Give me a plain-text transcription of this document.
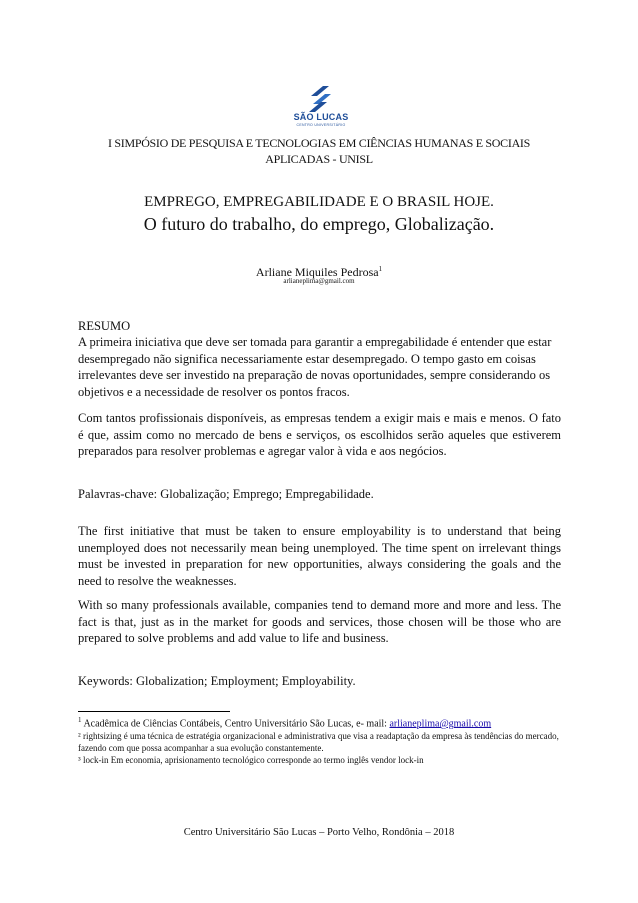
SÃO LUCAS
CENTRO UNIVERSITÁRIO
I SIMPÓSIO DE PESQUISA E TECNOLOGIAS EM CIÊNCIAS HUMANAS E SOCIAIS
APLICADAS - UNISL
EMPREGO, EMPREGABILIDADE E O BRASIL HOJE.
O futuro do trabalho, do emprego, Globalização.
Arliane Miquiles Pedrosa$^1$
arlianeplima@gmail.com
RESUMO
A primeira iniciativa que deve ser tomada para garantir a empregabilidade é entender que estar desempregado não significa necessariamente estar desempregado. O tempo gasto em coisas irrelevantes deve ser investido na preparação de novas oportunidades, sempre considerando os objetivos e a necessidade de resolver os pontos fracos.
Com tantos profissionais disponíveis, as empresas tendem a exigir mais e mais e menos. O fato é que, assim como no mercado de bens e serviços, os escolhidos serão aqueles que estiverem preparados para resolver problemas e agregar valor à vida e aos negócios.
Palavras-chave: Globalização; Emprego; Empregabilidade.
The first initiative that must be taken to ensure employability is to understand that being unemployed does not necessarily mean being unemployed. The time spent on irrelevant things must be invested in preparation for new opportunities, always considering the goals and the need to resolve the weaknesses.
With so many professionals available, companies tend to demand more and more and less. The fact is that, just as in the market for goods and services, those chosen will be those who are prepared to solve problems and add value to life and business.
Keywords: Globalization; Employment; Employability.
$^1$ Acadêmica de Ciências Contábeis, Centro Universitário São Lucas, e- mail: arlianeplima@gmail.com
² rightsizing é uma técnica de estratégia organizacional e administrativa que visa a readaptação da empresa às tendências do mercado, fazendo com que possa acompanhar a sua evolução constantemente.
³ lock-in Em economia, aprisionamento tecnológico corresponde ao termo inglês vendor lock-in
Centro Universitário São Lucas – Porto Velho, Rondônia – 2018
